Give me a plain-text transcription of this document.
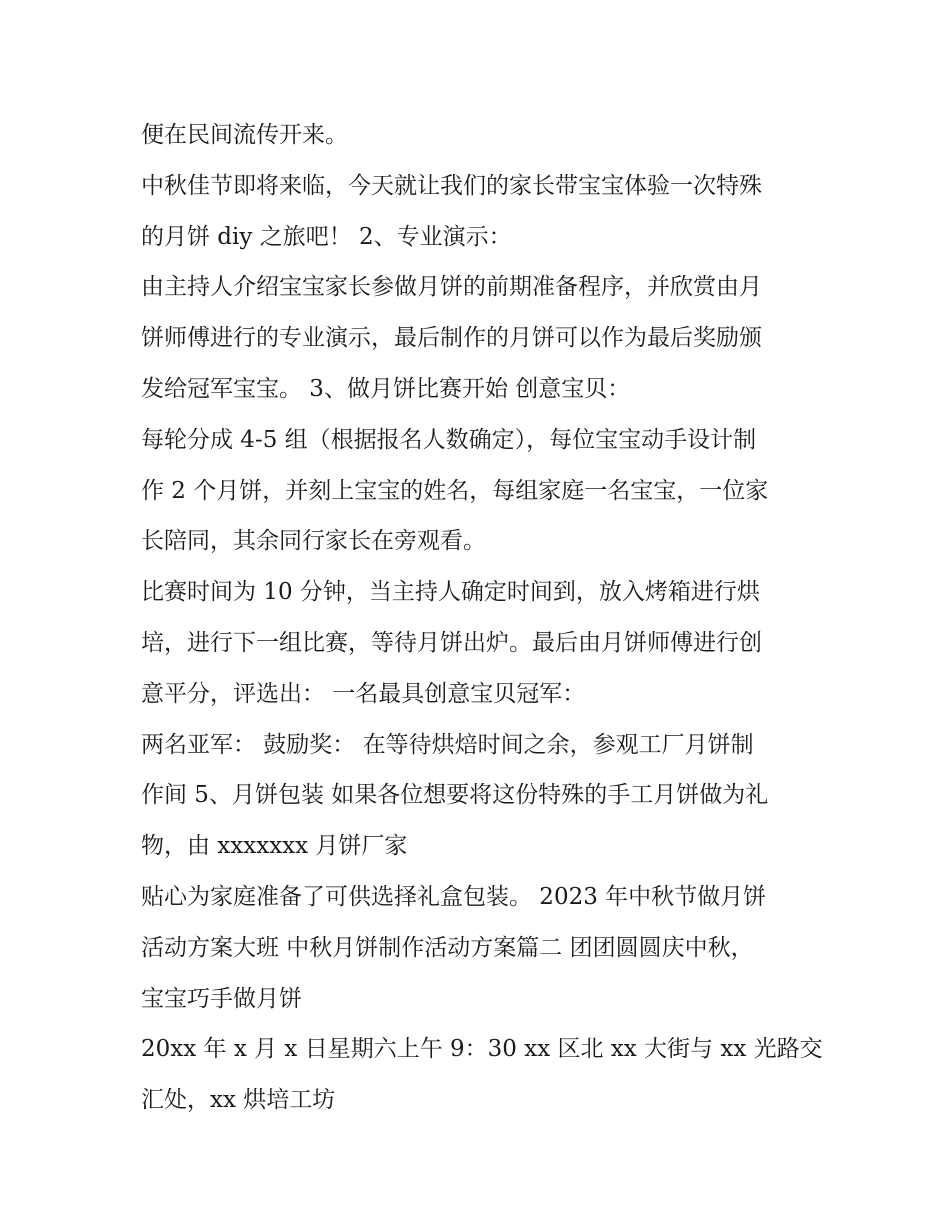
便在民间流传开来。

中秋佳节即将来临，今天就让我们的家长带宝宝体验一次特殊
的月饼 diy 之旅吧！ 2、专业演示：

由主持人介绍宝宝家长参做月饼的前期准备程序，并欣赏由月
饼师傅进行的专业演示，最后制作的月饼可以作为最后奖励颁
发给冠军宝宝。 3、做月饼比赛开始 创意宝贝：

每轮分成 4-5 组（根据报名人数确定），每位宝宝动手设计制
作 2 个月饼，并刻上宝宝的姓名，每组家庭一名宝宝，一位家
长陪同，其余同行家长在旁观看。

比赛时间为 10 分钟，当主持人确定时间到，放入烤箱进行烘
培，进行下一组比赛，等待月饼出炉。最后由月饼师傅进行创
意平分，评选出： 一名最具创意宝贝冠军：

两名亚军： 鼓励奖： 在等待烘焙时间之余，参观工厂月饼制
作间 5、月饼包装 如果各位想要将这份特殊的手工月饼做为礼
物，由 xxxxxxx 月饼厂家

贴心为家庭准备了可供选择礼盒包装。 2023 年中秋节做月饼
活动方案大班 中秋月饼制作活动方案篇二 团团圆圆庆中秋，
宝宝巧手做月饼

20xx 年 x 月 x 日星期六上午 9：30 xx 区北 xx 大街与 xx 光路交
汇处，xx 烘培工坊
